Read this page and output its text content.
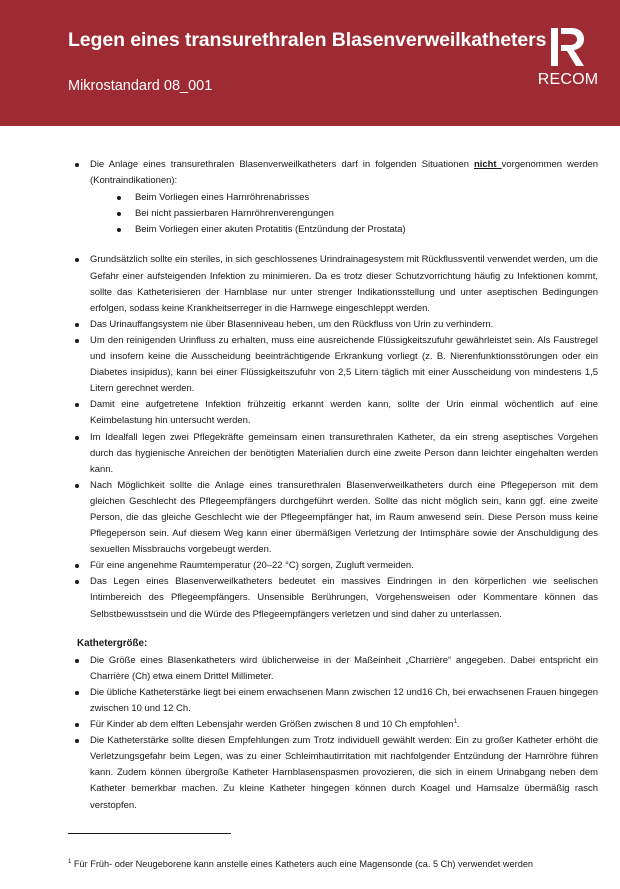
Legen eines transurethralen Blasenverweilkatheters
Mikrostandard 08_001	RECOM
Die Anlage eines transurethralen Blasenverweilkatheters darf in folgenden Situationen nicht vorgenommen werden (Kontraindikationen):
Beim Vorliegen eines Harnröhrenabrisses
Bei nicht passierbaren Harnröhrenverengungen
Beim Vorliegen einer akuten Protatitis (Entzündung der Prostata)
Grundsätzlich sollte ein steriles, in sich geschlossenes Urindrainagesystem mit Rückflussventil verwendet werden, um die Gefahr einer aufsteigenden Infektion zu minimieren. Da es trotz dieser Schutzvorrichtung häufig zu Infektionen kommt, sollte das Katheterisieren der Harnblase nur unter strenger Indikationsstellung und unter aseptischen Bedingungen erfolgen, sodass keine Krankheitserreger in die Harnwege eingeschleppt werden.
Das Urinauffangsystem nie über Blasenniveau heben, um den Rückfluss von Urin zu verhindern.
Um den reinigenden Urinfluss zu erhalten, muss eine ausreichende Flüssigkeitszufuhr gewährleistet sein. Als Faustregel und insofern keine die Ausscheidung beeinträchtigende Erkrankung vorliegt (z. B. Nierenfunktionsstörungen oder ein Diabetes insipidus), kann bei einer Flüssigkeitszufuhr von 2,5 Litern täglich mit einer Ausscheidung von mindestens 1,5 Litern gerechnet werden.
Damit eine aufgetretene Infektion frühzeitig erkannt werden kann, sollte der Urin einmal wöchentlich auf eine Keimbelastung hin untersucht werden.
Im Idealfall legen zwei Pflegekräfte gemeinsam einen transurethralen Katheter, da ein streng aseptisches Vorgehen durch das hygienische Anreichen der benötigten Materialien durch eine zweite Person dann leichter eingehalten werden kann.
Nach Möglichkeit sollte die Anlage eines transurethralen Blasenverweilkatheters durch eine Pflegeperson mit dem gleichen Geschlecht des Pflegeempfängers durchgeführt werden. Sollte das nicht möglich sein, kann ggf. eine zweite Person, die das gleiche Geschlecht wie der Pflegeempfänger hat, im Raum anwesend sein. Diese Person muss keine Pflegeperson sein. Auf diesem Weg kann einer übermäßigen Verletzung der Intimsphäre sowie der Anschuldigung des sexuellen Missbrauchs vorgebeugt werden.
Für eine angenehme Raumtemperatur (20–22 °C) sorgen, Zugluft vermeiden.
Das Legen eines Blasenverweilkatheters bedeutet ein massives Eindringen in den körperlichen wie seelischen Intimbereich des Pflegeempfängers. Unsensible Berührungen, Vorgehensweisen oder Kommentare können das Selbstbewusstsein und die Würde des Pflegeempfängers verletzen und sind daher zu unterlassen.
Kathetergröße:
Die Größe eines Blasenkatheters wird üblicherweise in der Maßeinheit „Charrière“ angegeben. Dabei entspricht ein Charrière (Ch) etwa einem Drittel Millimeter.
Die übliche Katheterstärke liegt bei einem erwachsenen Mann zwischen 12 und16 Ch, bei erwachsenen Frauen hingegen zwischen 10 und 12 Ch.
Für Kinder ab dem elften Lebensjahr werden Größen zwischen 8 und 10 Ch empfohlen$^1$.
Die Katheterstärke sollte diesen Empfehlungen zum Trotz individuell gewählt werden: Ein zu großer Katheter erhöht die Verletzungsgefahr beim Legen, was zu einer Schleimhautirritation mit nachfolgender Entzündung der Harnröhre führen kann. Zudem können übergroße Katheter Harnblasenspasmen provozieren, die sich in einem Urinabgang neben dem Katheter bemerkbar machen. Zu kleine Katheter hingegen können durch Koagel und Harnsalze übermäßig rasch verstopfen.
$^1$ Für Früh- oder Neugeborene kann anstelle eines Katheters auch eine Magensonde (ca. 5 Ch) verwendet werden
